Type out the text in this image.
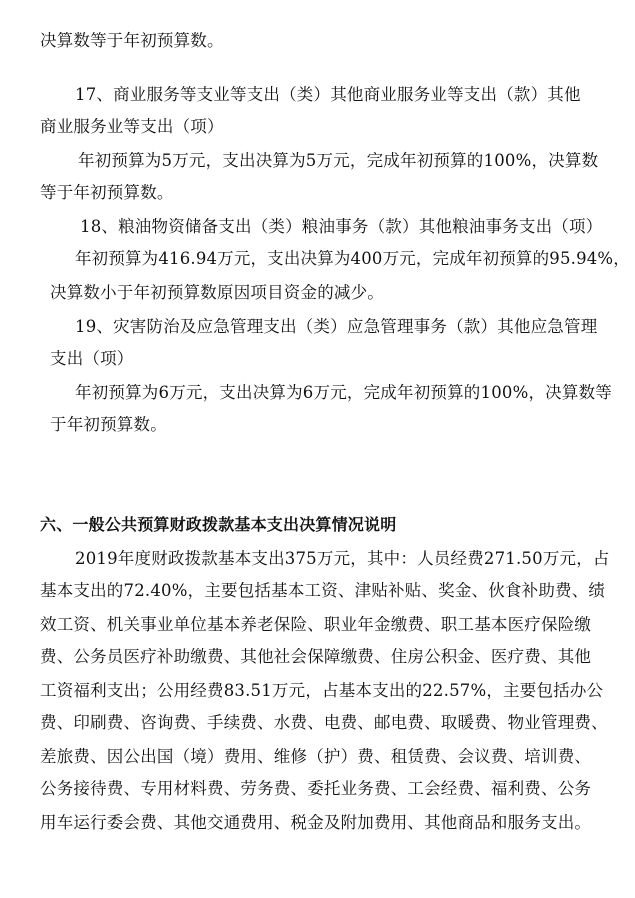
决算数等于年初预算数。

17、商业服务等支业等支出（类）其他商业服务业等支出（款）其他

商业服务业等支出（项）

年初预算为5万元，支出决算为5万元，完成年初预算的100%，决算数

等于年初预算数。

18、粮油物资储备支出（类）粮油事务（款）其他粮油事务支出（项）

年初预算为416.94万元，支出决算为400万元，完成年初预算的95.94%，

决算数小于年初预算数原因项目资金的减少。

19、灾害防治及应急管理支出（类）应急管理事务（款）其他应急管理

支出（项）

年初预算为6万元，支出决算为6万元，完成年初预算的100%，决算数等

于年初预算数。

六、一般公共预算财政拨款基本支出决算情况说明

2019年度财政拨款基本支出375万元，其中：人员经费271.50万元，占

基本支出的72.40%，主要包括基本工资、津贴补贴、奖金、伙食补助费、绩

效工资、机关事业单位基本养老保险、职业年金缴费、职工基本医疗保险缴

费、公务员医疗补助缴费、其他社会保障缴费、住房公积金、医疗费、其他

工资福利支出；公用经费83.51万元，占基本支出的22.57%，主要包括办公

费、印刷费、咨询费、手续费、水费、电费、邮电费、取暖费、物业管理费、

差旅费、因公出国（境）费用、维修（护）费、租赁费、会议费、培训费、

公务接待费、专用材料费、劳务费、委托业务费、工会经费、福利费、公务

用车运行委会费、其他交通费用、税金及附加费用、其他商品和服务支出。
